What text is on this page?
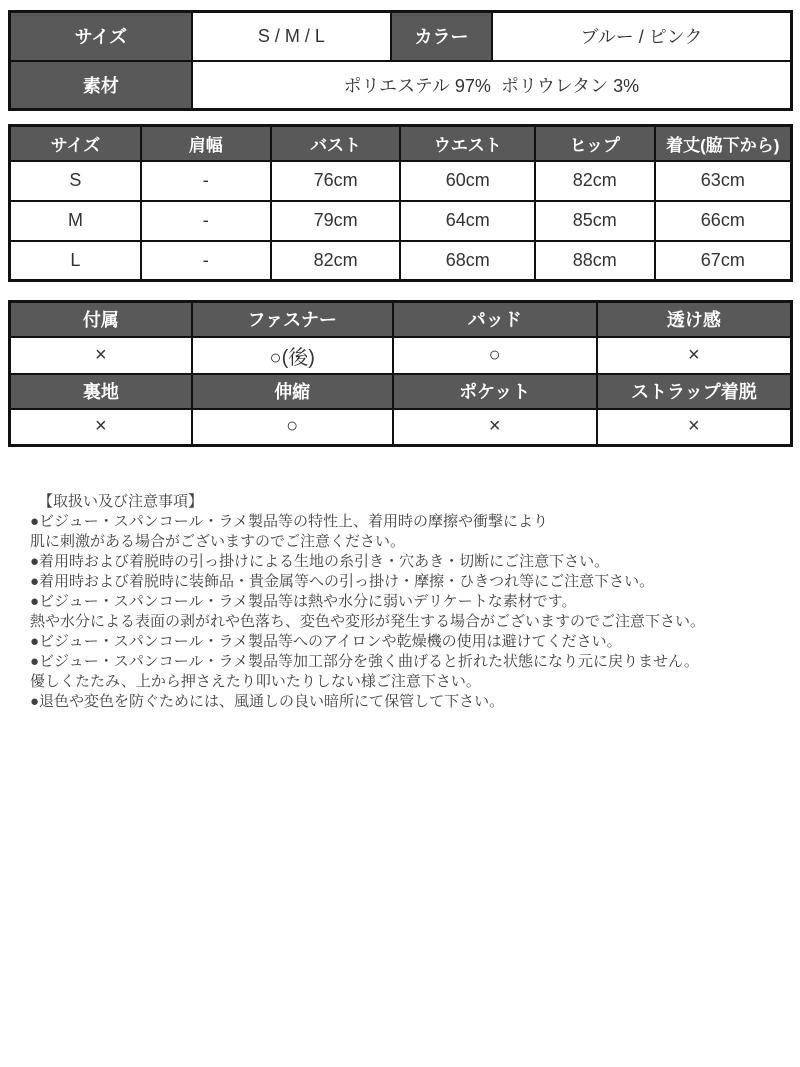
サイズ	S / M / L	カラー	ブルー / ピンク
素材	ポリエステル 97%  ポリウレタン 3%		
サイズ	肩幅	バスト	ウエスト	ヒップ	着丈(脇下から)
S	-	76cm	60cm	82cm	63cm
M	-	79cm	64cm	85cm	66cm
L	-	82cm	68cm	88cm	67cm
付属	ファスナー	パッド	透け感
×	○(後)	○	×
裏地	伸縮	ポケット	ストラップ着脱
×	○	×	×
【取扱い及び注意事項】
●ビジュー・スパンコール・ラメ製品等の特性上、着用時の摩擦や衝撃により
肌に刺激がある場合がございますのでご注意ください。
●着用時および着脱時の引っ掛けによる生地の糸引き・穴あき・切断にご注意下さい。
●着用時および着脱時に装飾品・貴金属等への引っ掛け・摩擦・ひきつれ等にご注意下さい。
●ビジュー・スパンコール・ラメ製品等は熱や水分に弱いデリケートな素材です。
熱や水分による表面の剥がれや色落ち、変色や変形が発生する場合がございますのでご注意下さい。
●ビジュー・スパンコール・ラメ製品等へのアイロンや乾燥機の使用は避けてください。
●ビジュー・スパンコール・ラメ製品等加工部分を強く曲げると折れた状態になり元に戻りません。
優しくたたみ、上から押さえたり叩いたりしない様ご注意下さい。
●退色や変色を防ぐためには、風通しの良い暗所にて保管して下さい。
